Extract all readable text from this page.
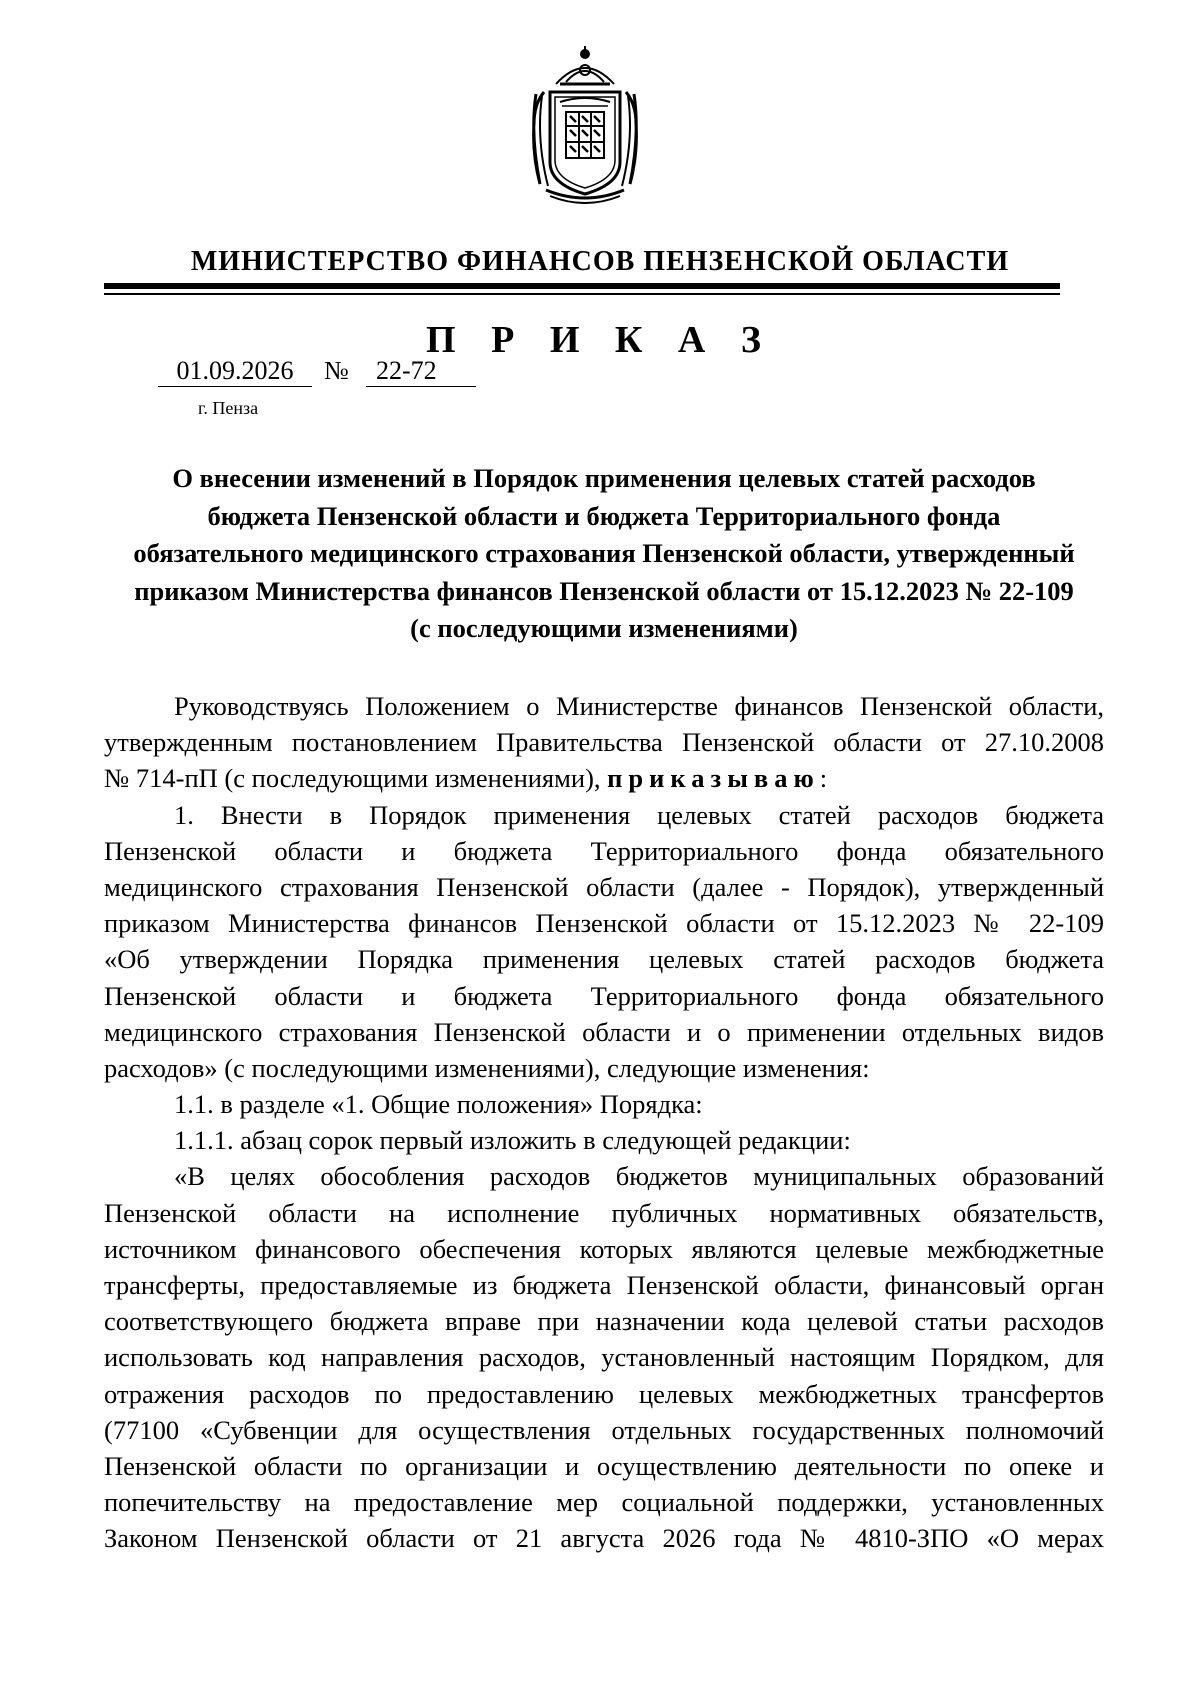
МИНИСТЕРСТВО ФИНАНСОВ ПЕНЗЕНСКОЙ ОБЛАСТИ
П Р И К А З
01.09.2026	№	22-72
г. Пенза
О внесении изменений в Порядок применения целевых статей расходов
бюджета Пензенской области и бюджета Территориального фонда
обязательного медицинского страхования Пензенской области, утвержденный
приказом Министерства финансов Пензенской области от 15.12.2023 № 22-109
(с последующими изменениями)
Руководствуясь Положением о Министерстве финансов Пензенской области,
утвержденным постановлением Правительства Пензенской области от 27.10.2008
№ 714-пП (с последующими изменениями), приказываю:
1. Внести в Порядок применения целевых статей расходов бюджета
Пензенской области и бюджета Территориального фонда обязательного
медицинского страхования Пензенской области (далее - Порядок), утвержденный
приказом Министерства финансов Пензенской области от 15.12.2023 № 22-109
«Об утверждении Порядка применения целевых статей расходов бюджета
Пензенской области и бюджета Территориального фонда обязательного
медицинского страхования Пензенской области и о применении отдельных видов
расходов» (с последующими изменениями), следующие изменения:
1.1. в разделе «1. Общие положения» Порядка:
1.1.1. абзац сорок первый изложить в следующей редакции:
«В целях обособления расходов бюджетов муниципальных образований
Пензенской области на исполнение публичных нормативных обязательств,
источником финансового обеспечения которых являются целевые межбюджетные
трансферты, предоставляемые из бюджета Пензенской области, финансовый орган
соответствующего бюджета вправе при назначении кода целевой статьи расходов
использовать код направления расходов, установленный настоящим Порядком, для
отражения расходов по предоставлению целевых межбюджетных трансфертов
(77100 «Субвенции для осуществления отдельных государственных полномочий
Пензенской области по организации и осуществлению деятельности по опеке и
попечительству на предоставление мер социальной поддержки, установленных
Законом Пензенской области от 21 августа 2026 года № 4810-ЗПО «О мерах
